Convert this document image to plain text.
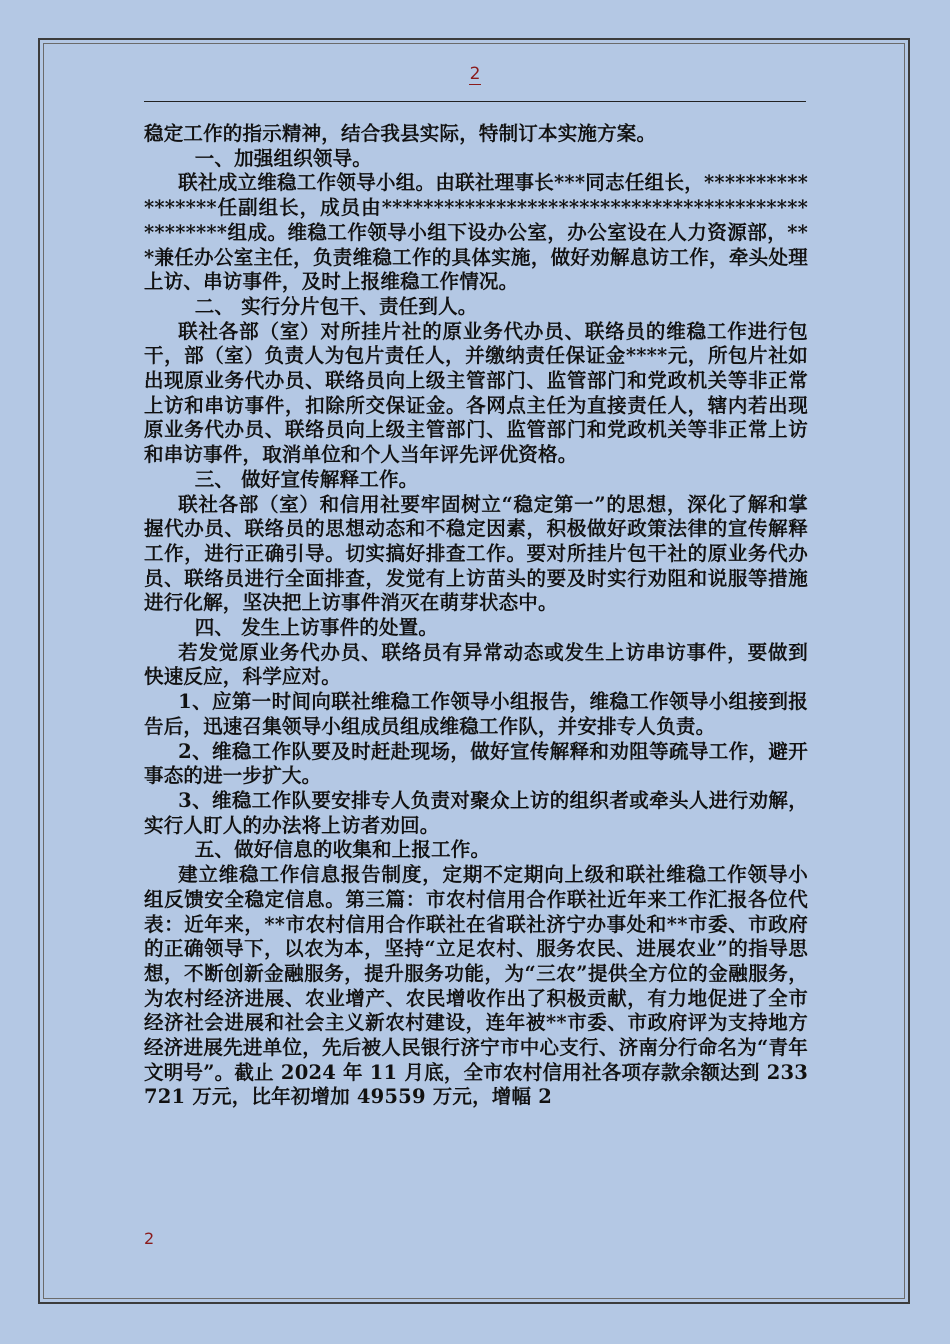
2

稳定工作的指示精神，结合我县实际，特制订本实施方案。

一、加强组织领导。

联社成立维稳工作领导小组。由联社理事长***同志任组长，*****************任副组长，成员由*************************************************组成。维稳工作领导小组下设办公室，办公室设在人力资源部，***兼任办公室主任，负责维稳工作的具体实施，做好劝解息访工作，牵头处理上访、串访事件，及时上报维稳工作情况。

二、 实行分片包干、责任到人。

联社各部（室）对所挂片社的原业务代办员、联络员的维稳工作进行包干，部（室）负责人为包片责任人，并缴纳责任保证金****元，所包片社如出现原业务代办员、联络员向上级主管部门、监管部门和党政机关等非正常上访和串访事件，扣除所交保证金。各网点主任为直接责任人，辖内若出现原业务代办员、联络员向上级主管部门、监管部门和党政机关等非正常上访和串访事件，取消单位和个人当年评先评优资格。

三、 做好宣传解释工作。

联社各部（室）和信用社要牢固树立“稳定第一”的思想，深化了解和掌握代办员、联络员的思想动态和不稳定因素，积极做好政策法律的宣传解释工作，进行正确引导。切实搞好排查工作。要对所挂片包干社的原业务代办员、联络员进行全面排查，发觉有上访苗头的要及时实行劝阻和说服等措施进行化解，坚决把上访事件消灭在萌芽状态中。

四、 发生上访事件的处置。

若发觉原业务代办员、联络员有异常动态或发生上访串访事件，要做到快速反应，科学应对。

1、应第一时间向联社维稳工作领导小组报告，维稳工作领导小组接到报告后，迅速召集领导小组成员组成维稳工作队，并安排专人负责。

2、维稳工作队要及时赶赴现场，做好宣传解释和劝阻等疏导工作，避开事态的进一步扩大。

3、维稳工作队要安排专人负责对聚众上访的组织者或牵头人进行劝解，实行人盯人的办法将上访者劝回。

五、做好信息的收集和上报工作。

建立维稳工作信息报告制度，定期不定期向上级和联社维稳工作领导小组反馈安全稳定信息。第三篇：市农村信用合作联社近年来工作汇报各位代表：近年来，**市农村信用合作联社在省联社济宁办事处和**市委、市政府的正确领导下，以农为本，坚持“立足农村、服务农民、进展农业”的指导思想，不断创新金融服务，提升服务功能，为“三农”提供全方位的金融服务，为农村经济进展、农业增产、农民增收作出了积极贡献，有力地促进了全市经济社会进展和社会主义新农村建设，连年被**市委、市政府评为支持地方经济进展先进单位，先后被人民银行济宁市中心支行、济南分行命名为“青年文明号”。截止 2024 年 11 月底，全市农村信用社各项存款余额达到 233721 万元，比年初增加 49559 万元，增幅 2

2
